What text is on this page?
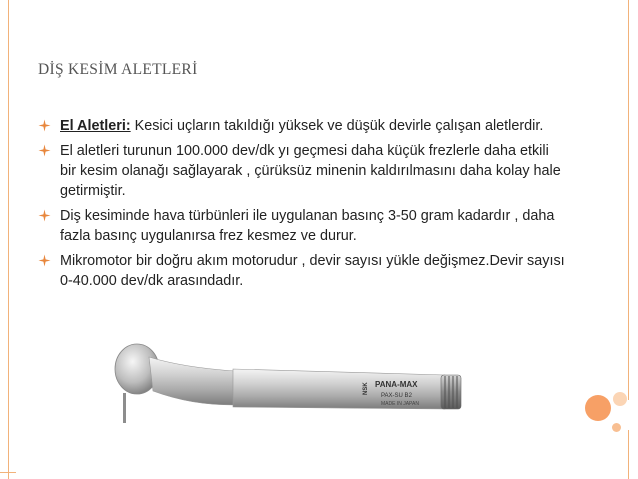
DİŞ KESİM ALETLERİ
El Aletleri: Kesici uçların takıldığı yüksek ve düşük devirle çalışan aletlerdir.
El aletleri turunun 100.000 dev/dk yı geçmesi daha küçük frezlerle daha etkili bir kesim olanağı sağlayarak , çürüksüz minenin kaldırılmasını daha kolay hale getirmiştir.
Diş kesiminde hava türbünleri ile uygulanan basınç 3-50 gram kadardır , daha fazla basınç uygulanırsa frez kesmez ve durur.
Mikromotor bir doğru akım motorudur , devir sayısı yükle değişmez.Devir sayısı 0-40.000 dev/dk arasındadır.
PANA-MAX
PAX-SU B2
MADE IN JAPAN
NSK
